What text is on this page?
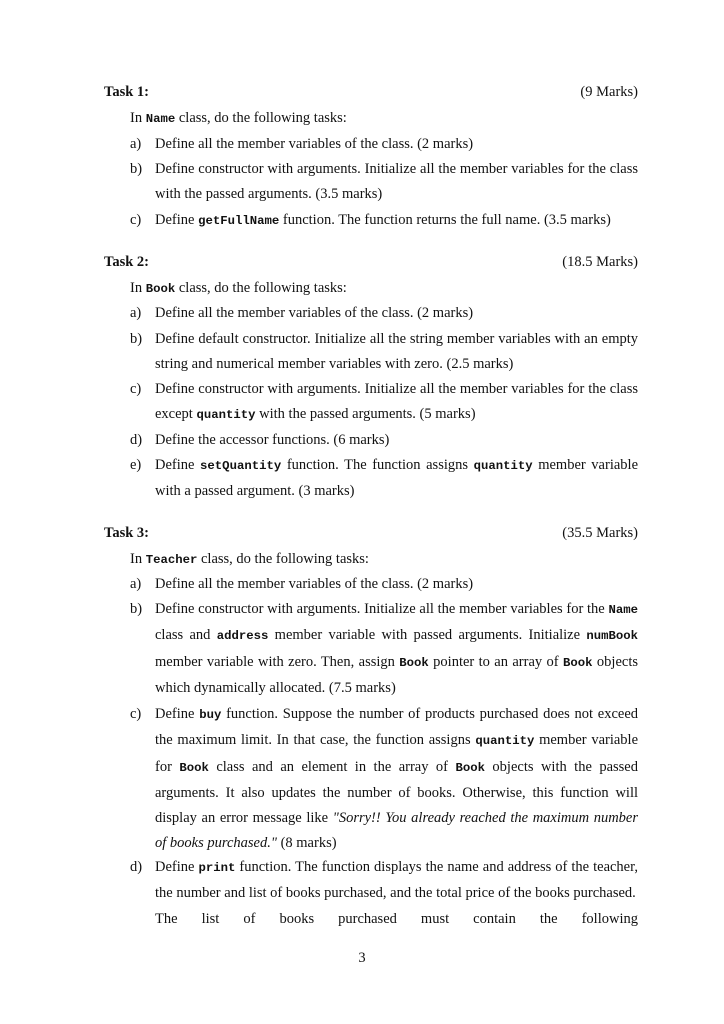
Task 1:	(9 Marks)
In Name class, do the following tasks:
a) Define all the member variables of the class. (2 marks)
b) Define constructor with arguments. Initialize all the member variables for the class with the passed arguments. (3.5 marks)
c) Define getFullName function. The function returns the full name. (3.5 marks)
Task 2:	(18.5 Marks)
In Book class, do the following tasks:
a) Define all the member variables of the class. (2 marks)
b) Define default constructor. Initialize all the string member variables with an empty string and numerical member variables with zero. (2.5 marks)
c) Define constructor with arguments. Initialize all the member variables for the class except quantity with the passed arguments. (5 marks)
d) Define the accessor functions. (6 marks)
e) Define setQuantity function. The function assigns quantity member variable with a passed argument. (3 marks)
Task 3:	(35.5 Marks)
In Teacher class, do the following tasks:
a) Define all the member variables of the class. (2 marks)
b) Define constructor with arguments. Initialize all the member variables for the Name class and address member variable with passed arguments. Initialize numBook member variable with zero. Then, assign Book pointer to an array of Book objects which dynamically allocated. (7.5 marks)
c) Define buy function. Suppose the number of products purchased does not exceed the maximum limit. In that case, the function assigns quantity member variable for Book class and an element in the array of Book objects with the passed arguments. It also updates the number of books. Otherwise, this function will display an error message like "Sorry!! You already reached the maximum number of books purchased." (8 marks)
d) Define print function. The function displays the name and address of the teacher, the number and list of books purchased, and the total price of the books purchased.
The list of books purchased must contain the following
3
